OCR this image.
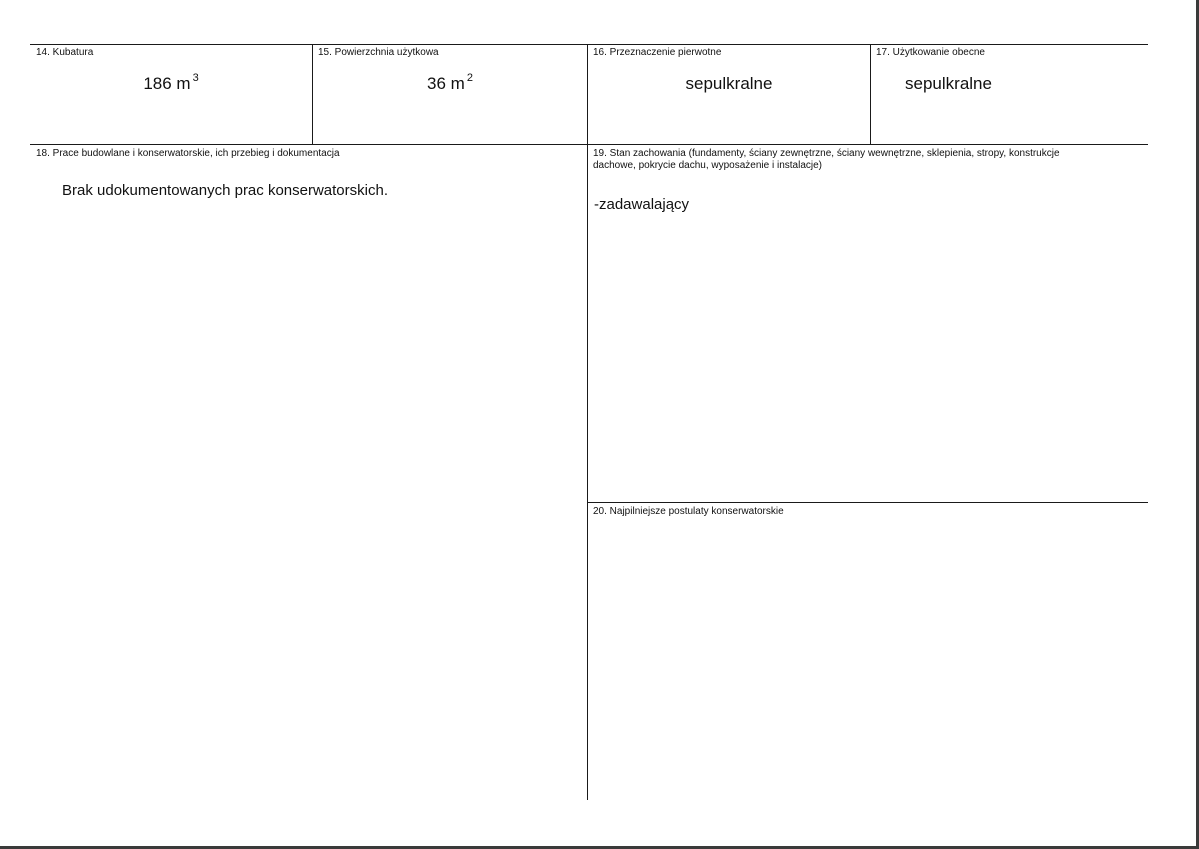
14. Kubatura
186 m $^3$
15. Powierzchnia użytkowa
36 m $^2$
16. Przeznaczenie pierwotne
sepulkralne
17. Użytkowanie obecne
sepulkralne
18. Prace budowlane i konserwatorskie, ich przebieg i dokumentacja
Brak udokumentowanych prac konserwatorskich.
19. Stan zachowania (fundamenty, ściany zewnętrzne, ściany wewnętrzne, sklepienia, stropy, konstrukcje dachowe, pokrycie dachu, wyposażenie i instalacje)
-zadawalający
20. Najpilniejsze postulaty konserwatorskie
